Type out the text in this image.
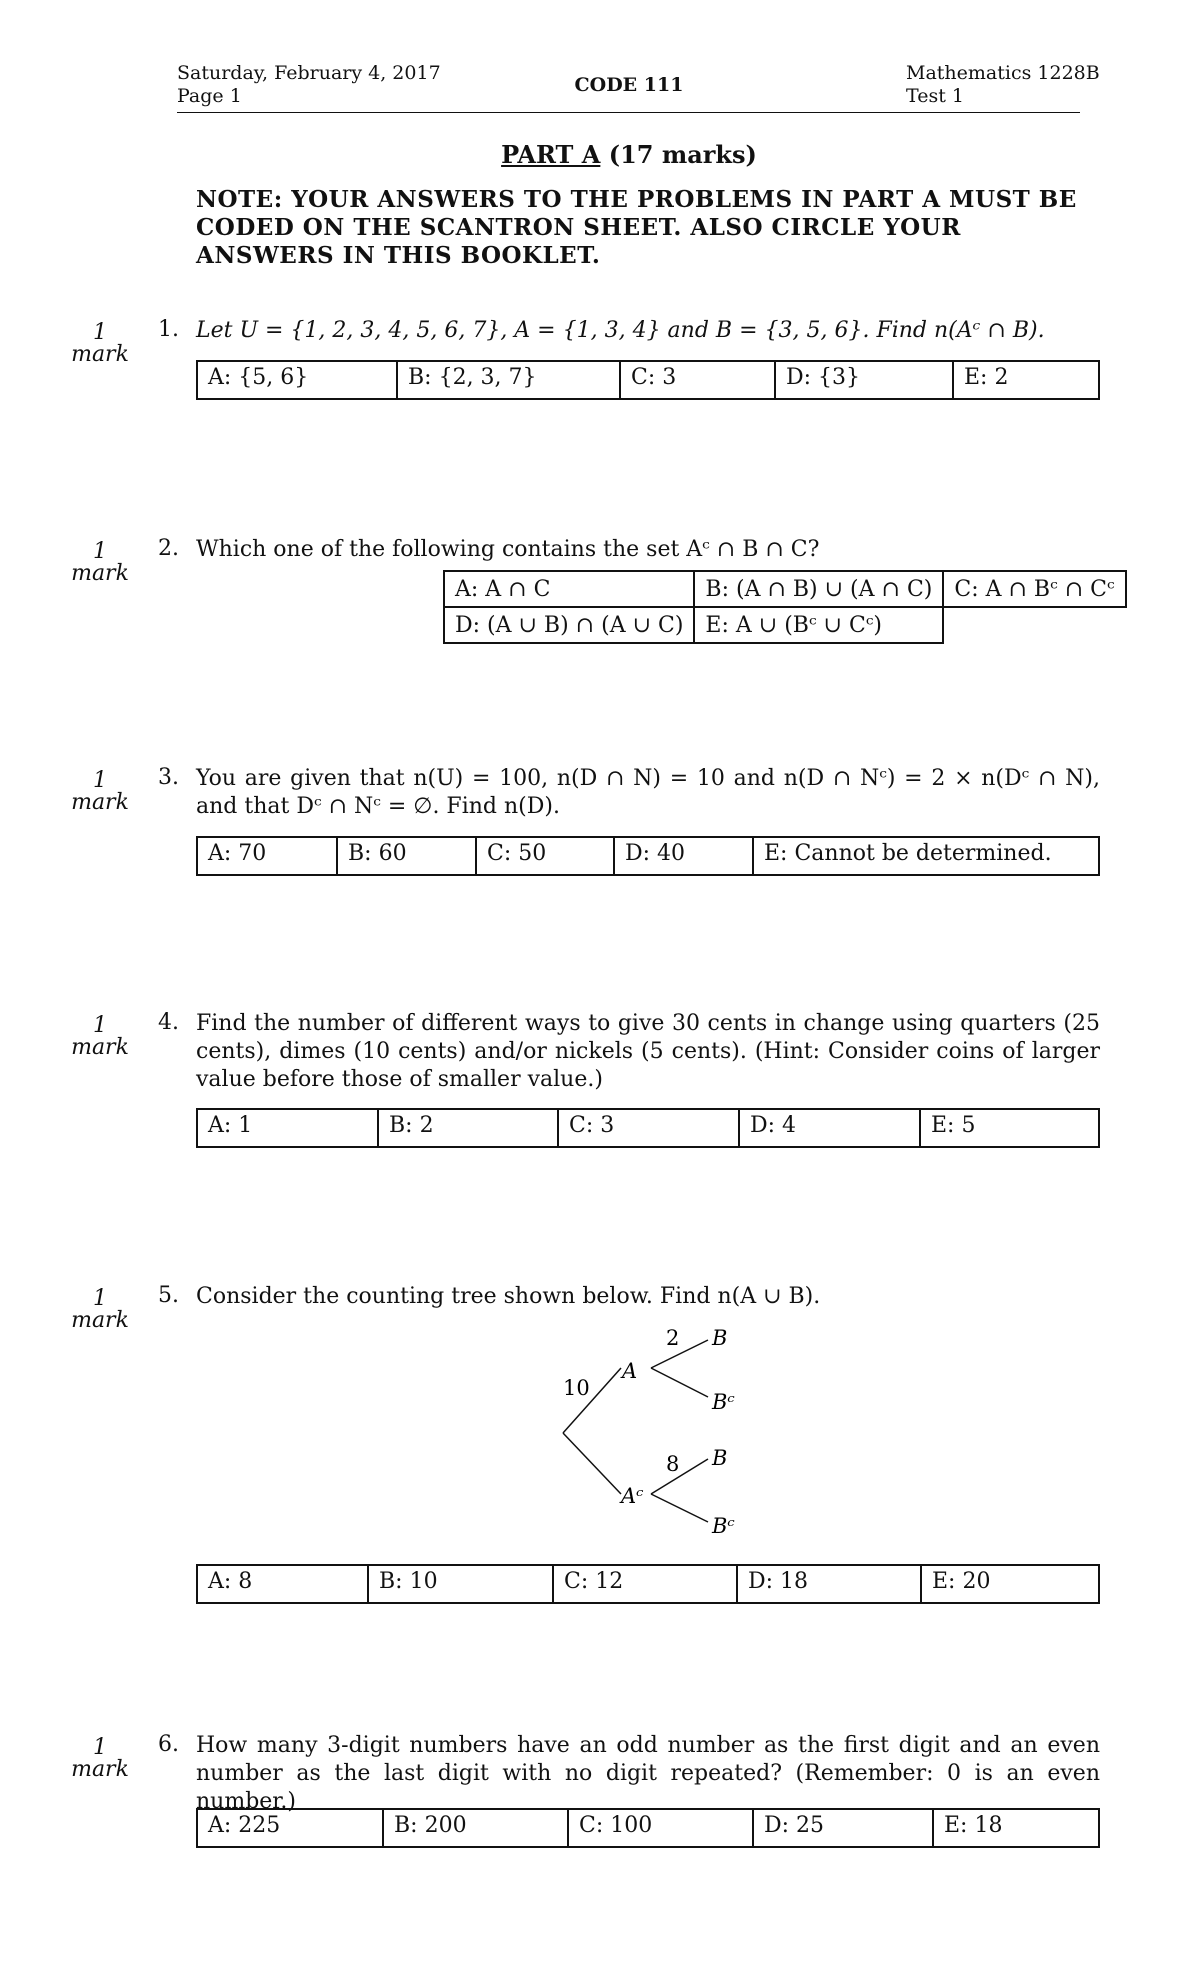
Saturday, February 4, 2017
Page 1	CODE 111
Mathematics 1228B
Test 1
PART A (17 marks)
NOTE: YOUR ANSWERS TO THE PROBLEMS IN PART A MUST BE CODED ON THE SCANTRON SHEET. ALSO CIRCLE YOUR ANSWERS IN THIS BOOKLET.
1
mark
1. Let U = {1, 2, 3, 4, 5, 6, 7}, A = {1, 3, 4} and B = {3, 5, 6}. Find n(Aᶜ ∩ B).
A: {5, 6}	B: {2, 3, 7}	C: 3	D: {3}	E: 2
1
mark
2. Which one of the following contains the set Aᶜ ∩ B ∩ C?
A: A ∩ C	B: (A ∩ B) ∪ (A ∩ C)	C: A ∩ Bᶜ ∩ Cᶜ
D: (A ∪ B) ∩ (A ∪ C)	E: A ∪ (Bᶜ ∪ Cᶜ)	
1
mark
3. You are given that n(U) = 100, n(D ∩ N) = 10 and n(D ∩ Nᶜ) = 2 × n(Dᶜ ∩ N), and that Dᶜ ∩ Nᶜ = ∅. Find n(D).
A: 70	B: 60	C: 50	D: 40	E: Cannot be determined.
1
mark
4. Find the number of different ways to give 30 cents in change using quarters (25 cents), dimes (10 cents) and/or nickels (5 cents). (Hint: Consider coins of larger value before those of smaller value.)
A: 1	B: 2	C: 3	D: 4	E: 5
1
mark
5. Consider the counting tree shown below. Find n(A ∪ B).
10
A
2 B
Bᶜ
Aᶜ
8 B
Bᶜ
A: 8	B: 10	C: 12	D: 18	E: 20
1
mark
6. How many 3-digit numbers have an odd number as the first digit and an even number as the last digit with no digit repeated? (Remember: 0 is an even number.)
A: 225	B: 200	C: 100	D: 25	E: 18
